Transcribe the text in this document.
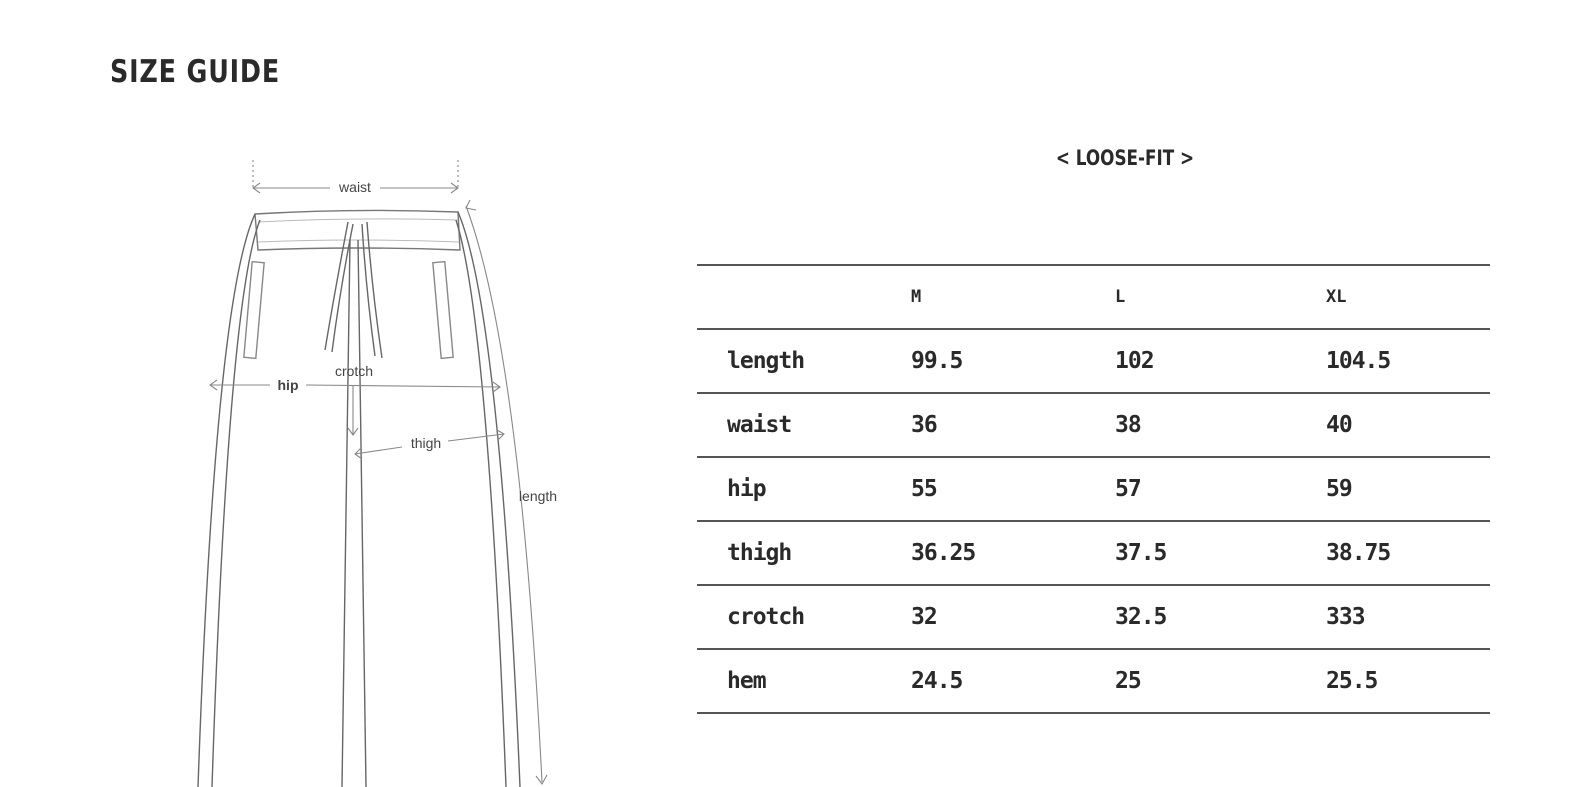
SIZE GUIDE
waist
hip
crotch
thigh
length
< LOOSE-FIT >
	M	L	XL
length	99.5	102	104.5
waist	36	38	40
hip	55	57	59
thigh	36.25	37.5	38.75
crotch	32	32.5	333
hem	24.5	25	25.5
